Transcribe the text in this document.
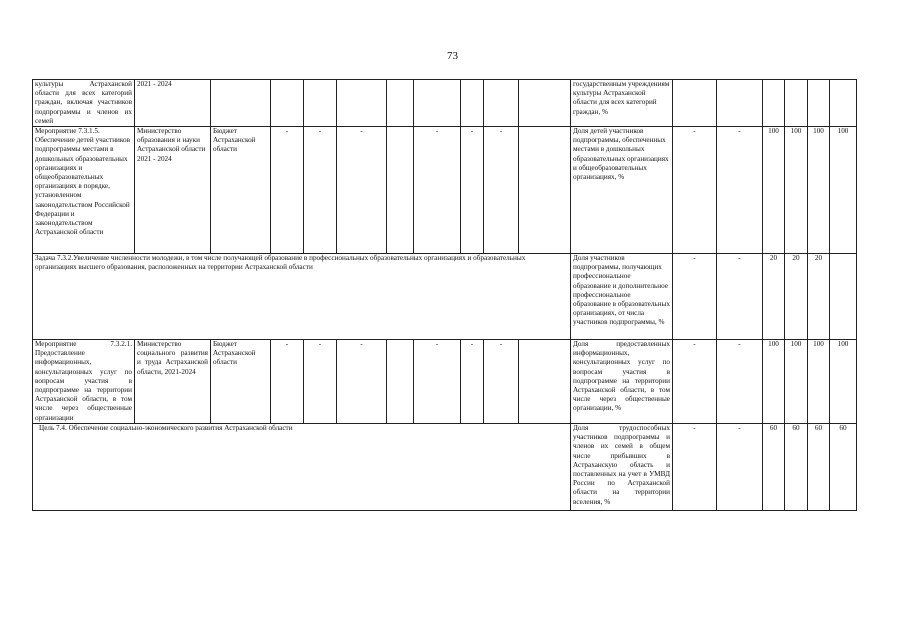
73
культуры Астраханской области для всех категорий граждан, включая участников подпрограммы и членов их семей	2021 - 2024										государственным учреждениям культуры Астраханской области для всех категорий граждан, %						
Мероприятие 7.3.1.5. Обеспечение детей участников подпрограммы местами в дошкольных образовательных организациях и общеобразовательных организациях в порядке, установленном законодательством Российской Федерации и законодательством Астраханской области	Министерство образования и науки Астраханской области 2021 - 2024	Бюджет Астраханской области	-	-	-		-	-	-		Доля детей участников подпрограммы, обеспеченных местами в дошкольных образовательных организациях и общеобразовательных организациях, %	-	-	100	100	100	100
Задача 7.3.2.Увеличение численности молодежи, в том числе получающей образование в профессиональных образовательных организациях и образовательных организациях высшего образования, расположенных на территории Астраханской области											Доля участников подпрограммы, получающих профессиональное образование и дополнительное профессиональное образование в образовательных организациях, от числа участников подпрограммы, %	-	-	20	20	20	
Мероприятие 7.3.2.1. Предоставление информационных, консультационных услуг по вопросам участия в подпрограмме на территории Астраханской области, в том числе через общественные организации	Министерство социального развития и труда Астраханской области, 2021-2024	Бюджет Астраханской области	-	-	-		-	-	-		Доля предоставленных информационных, консультационных услуг по вопросам участия в подпрограмме на территории Астраханской области, в том числе через общественные организации, %	-	-	100	100	100	100
Цель 7.4. Обеспечение социально-экономического развития Астраханской области											Доля трудоспособных участников подпрограммы и членов их семей в общем числе прибывших в Астраханскую область и поставленных на учет в УМВД России по Астраханской области на территории вселения, %	-	-	60	60	60	60
